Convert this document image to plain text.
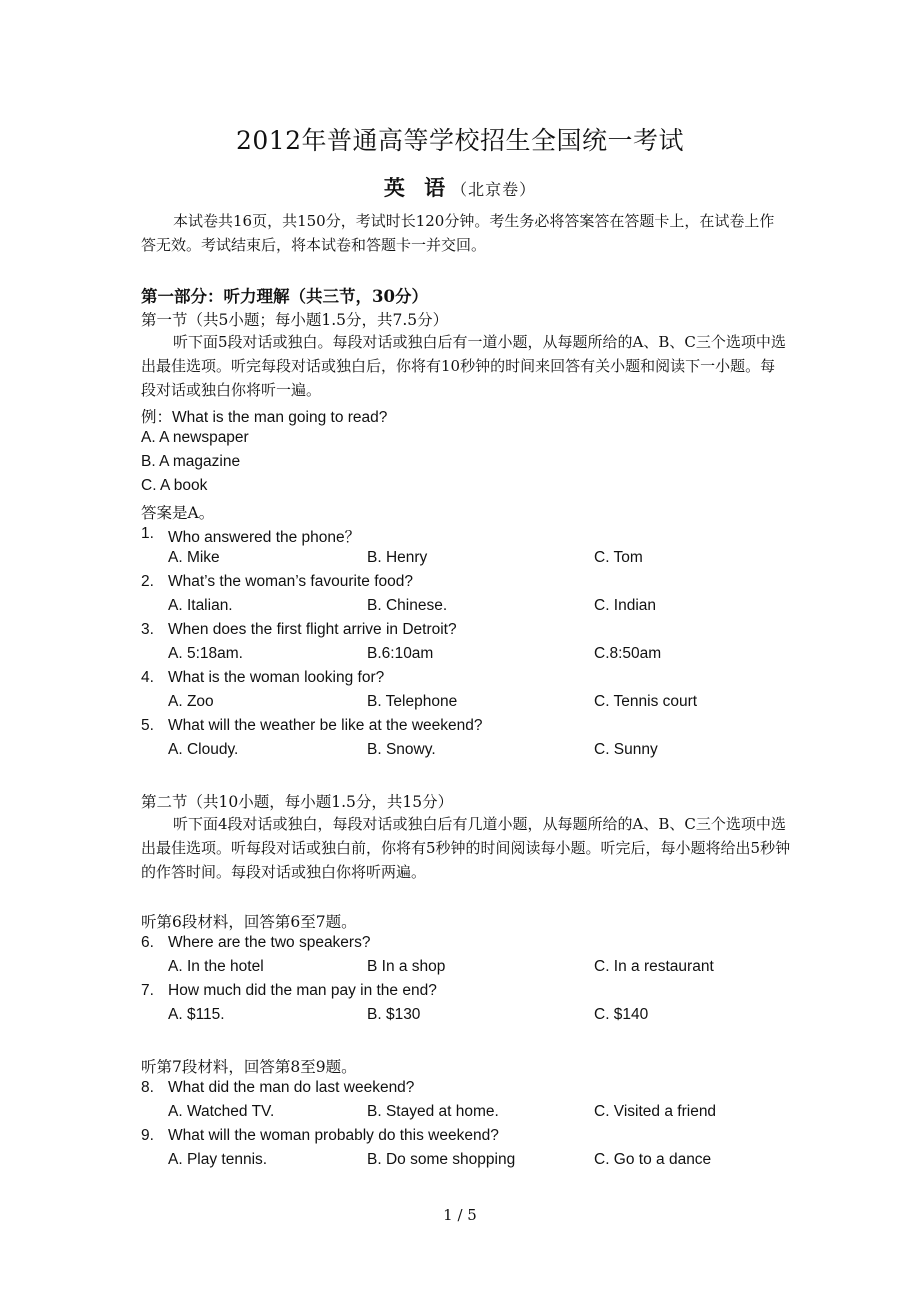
2012年普通高等学校招生全国统一考试
英 语（北京卷）
本试卷共16页，共150分，考试时长120分钟。考生务必将答案答在答题卡上，在试卷上作答无效。考试结束后，将本试卷和答题卡一并交回。
第一部分：听力理解（共三节，30分）
第一节（共5小题；每小题1.5分，共7.5分）
听下面5段对话或独白。每段对话或独白后有一道小题，从每题所给的A、B、C三个选项中选出最佳选项。听完每段对话或独白后，你将有10秒钟的时间来回答有关小题和阅读下一小题。每段对话或独白你将听一遍。
例：What is the man going to read?
A. A newspaper
B. A magazine
C. A book
答案是A。
1. Who answered the phone？
A. Mike	B. Henry	C. Tom
2. What’s the woman’s favourite food?
A. Italian.	B. Chinese.	C. Indian
3. When does the first flight arrive in Detroit?
A. 5:18am.	B.6:10am	C.8:50am
4. What is the woman looking for?
A. Zoo	B. Telephone	C. Tennis court
5. What will the weather be like at the weekend?
A. Cloudy.	B. Snowy.	C. Sunny
第二节（共10小题，每小题1.5分，共15分）
听下面4段对话或独白，每段对话或独白后有几道小题，从每题所给的A、B、C三个选项中选出最佳选项。听每段对话或独白前，你将有5秒钟的时间阅读每小题。听完后，每小题将给出5秒钟的作答时间。每段对话或独白你将听两遍。
听第6段材料，回答第6至7题。
6. Where are the two speakers?
A. In the hotel	B In a shop	C. In a restaurant
7. How much did the man pay in the end?
A. $115.	B. $130	C. $140
听第7段材料，回答第8至9题。
8. What did the man do last weekend?
A. Watched TV.	B. Stayed at home.	C. Visited a friend
9. What will the woman probably do this weekend?
A. Play tennis.	B. Do some shopping	C. Go to a dance
1 / 5
